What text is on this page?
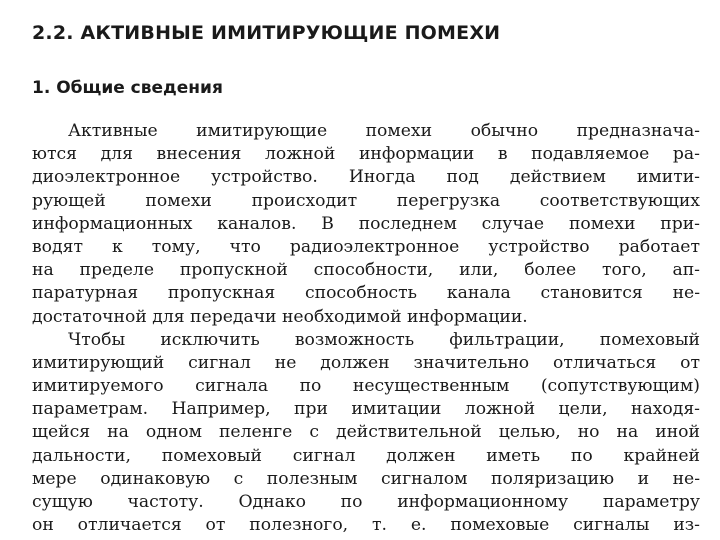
2.2. АКТИВНЫЕ ИМИТИРУЮЩИЕ ПОМЕХИ
1. Общие сведения
Активные имитирующие помехи обычно предназнача-
ются для внесения ложной информации в подавляемое ра-
диоэлектронное устройство. Иногда под действием имити-
рующей помехи происходит перегрузка соответствующих
информационных каналов. В последнем случае помехи при-
водят к тому, что радиоэлектронное устройство работает
на пределе пропускной способности, или, более того, ап-
паратурная пропускная способность канала становится не-
достаточной для передачи необходимой информации.
Чтобы исключить возможность фильтрации, помеховый
имитирующий сигнал не должен значительно отличаться от
имитируемого сигнала по несущественным (сопутствующим)
параметрам. Например, при имитации ложной цели, находя-
щейся на одном пеленге с действительной целью, но на иной
дальности, помеховый сигнал должен иметь по крайней
мере одинаковую с полезным сигналом поляризацию и не-
сущую частоту. Однако по информационному параметру
он отличается от полезного, т. е. помеховые сигналы из-
